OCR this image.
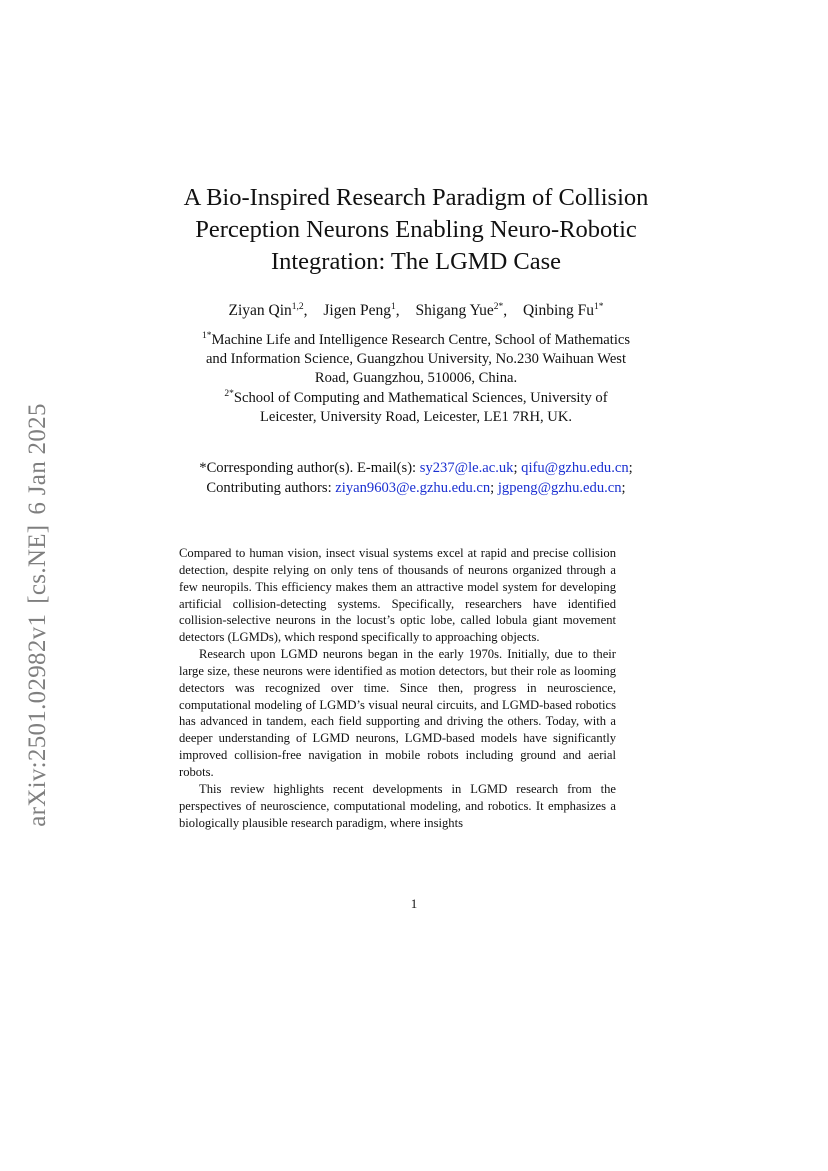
arXiv:2501.02982v1[cs.NE]6 Jan 2025
A Bio-Inspired Research Paradigm of Collision
Perception Neurons Enabling Neuro-Robotic
Integration: The LGMD Case
Ziyan Qin$^{1,2}$, Jigen Peng$^1$, Shigang Yue$^{2*}$, Qinbing $Fu^{1*}$
$^{1*}$Machine Life and Intelligence Research Centre, School of Mathematics
and Information Science, Guangzhou University, No.230 Waihuan West
Road, Guangzhou, 510006, China.
$^{2*}$School of Computing and Mathematical Sciences, University of
Leicester, University Road, Leicester, LE1 7RH, UK.
*Corresponding author(s). E-mail(s): sy237@le.ac.uk; qifu@gzhu.edu.cn;
Contributing authors: ziyan9603@e.gzhu.edu.cn; jgpeng@gzhu.edu.cn;

Compared to human vision, insect visual systems excel at rapid and precise collision detection, despite relying on only tens of thousands of neurons organized through a few neuropils. This efficiency makes them an attractive model system for developing artificial collision-detecting systems. Specifically, researchers have identified collision-selective neurons in the locust’s optic lobe, called lobula giant movement detectors (LGMDs), which respond specifically to approaching objects.

Research upon LGMD neurons began in the early 1970s. Initially, due to their large size, these neurons were identified as motion detectors, but their role as looming detectors was recognized over time. Since then, progress in neuroscience, computational modeling of LGMD’s visual neural circuits, and LGMD-based robotics has advanced in tandem, each field supporting and driving the others. Today, with a deeper understanding of LGMD neurons, LGMD-based models have significantly improved collision-free navigation in mobile robots including ground and aerial robots.

This review highlights recent developments in LGMD research from the perspectives of neuroscience, computational modeling, and robotics. It emphasizes a biologically plausible research paradigm, where insights

1
